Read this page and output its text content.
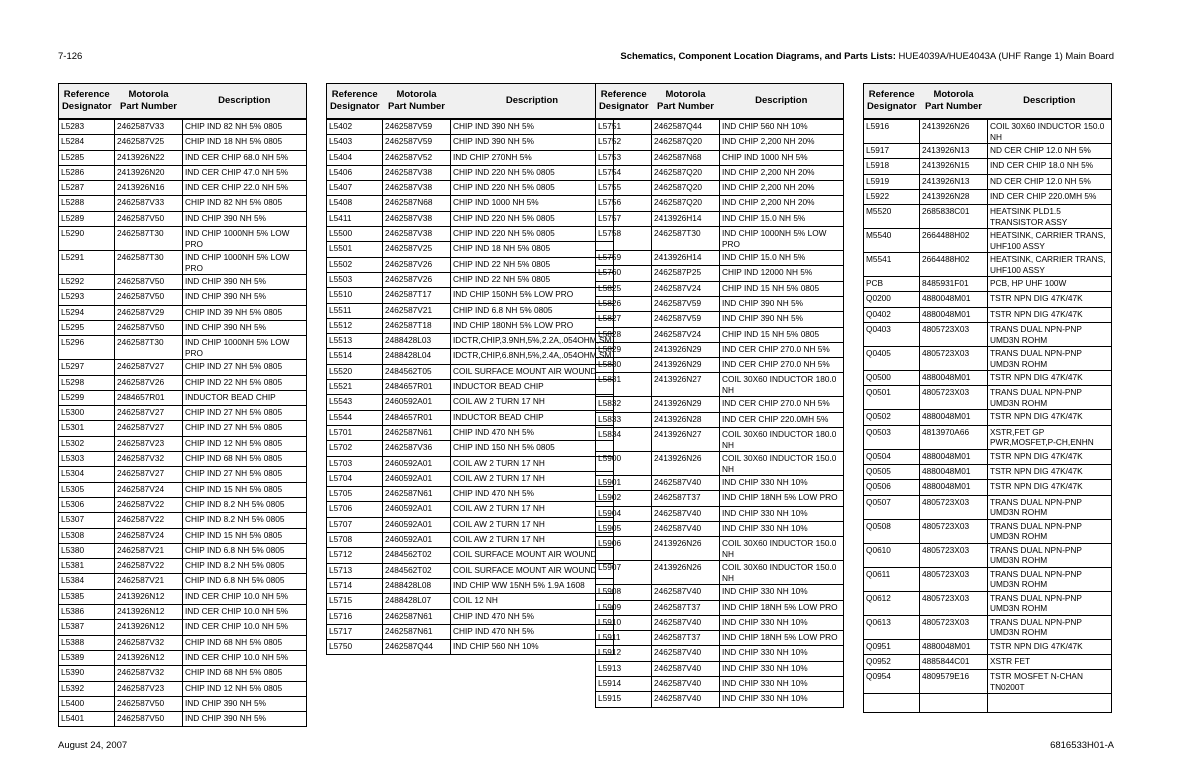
7-126	Schematics, Component Location Diagrams, and Parts Lists: HUE4039A/HUE4043A (UHF Range 1) Main Board
Reference
Designator	Motorola
Part Number	Description
L5283	2462587V33	CHIP IND 82 NH 5% 0805
L5284	2462587V25	CHIP IND 18 NH 5% 0805
L5285	2413926N22	IND CER CHIP 68.0 NH 5%
L5286	2413926N20	IND CER CHIP 47.0 NH 5%
L5287	2413926N16	IND CER CHIP 22.0 NH 5%
L5288	2462587V33	CHIP IND 82 NH 5% 0805
L5289	2462587V50	IND CHIP 390 NH 5%
L5290	2462587T30	IND CHIP 1000NH 5% LOW PRO
L5291	2462587T30	IND CHIP 1000NH 5% LOW PRO
L5292	2462587V50	IND CHIP 390 NH 5%
L5293	2462587V50	IND CHIP 390 NH 5%
L5294	2462587V29	CHIP IND 39 NH 5% 0805
L5295	2462587V50	IND CHIP 390 NH 5%
L5296	2462587T30	IND CHIP 1000NH 5% LOW PRO
L5297	2462587V27	CHIP IND 27 NH 5% 0805
L5298	2462587V26	CHIP IND 22 NH 5% 0805
L5299	2484657R01	INDUCTOR BEAD CHIP
L5300	2462587V27	CHIP IND 27 NH 5% 0805
L5301	2462587V27	CHIP IND 27 NH 5% 0805
L5302	2462587V23	CHIP IND 12 NH 5% 0805
L5303	2462587V32	CHIP IND 68 NH 5% 0805
L5304	2462587V27	CHIP IND 27 NH 5% 0805
L5305	2462587V24	CHIP IND 15 NH 5% 0805
L5306	2462587V22	CHIP IND 8.2 NH 5% 0805
L5307	2462587V22	CHIP IND 8.2 NH 5% 0805
L5308	2462587V24	CHIP IND 15 NH 5% 0805
L5380	2462587V21	CHIP IND 6.8 NH 5% 0805
L5381	2462587V22	CHIP IND 8.2 NH 5% 0805
L5384	2462587V21	CHIP IND 6.8 NH 5% 0805
L5385	2413926N12	IND CER CHIP 10.0 NH 5%
L5386	2413926N12	IND CER CHIP 10.0 NH 5%
L5387	2413926N12	IND CER CHIP 10.0 NH 5%
L5388	2462587V32	CHIP IND 68 NH 5% 0805
L5389	2413926N12	IND CER CHIP 10.0 NH 5%
L5390	2462587V32	CHIP IND 68 NH 5% 0805
L5392	2462587V23	CHIP IND 12 NH 5% 0805
L5400	2462587V50	IND CHIP 390 NH 5%
L5401	2462587V50	IND CHIP 390 NH 5%
Reference
Designator	Motorola
Part Number	Description
L5402	2462587V59	CHIP IND 390 NH 5%
L5403	2462587V59	CHIP IND 390 NH 5%
L5404	2462587V52	IND CHIP 270NH 5%
L5406	2462587V38	CHIP IND 220 NH 5% 0805
L5407	2462587V38	CHIP IND 220 NH 5% 0805
L5408	2462587N68	CHIP IND 1000 NH 5%
L5411	2462587V38	CHIP IND 220 NH 5% 0805
L5500	2462587V38	CHIP IND 220 NH 5% 0805
L5501	2462587V25	CHIP IND 18 NH 5% 0805
L5502	2462587V26	CHIP IND 22 NH 5% 0805
L5503	2462587V26	CHIP IND 22 NH 5% 0805
L5510	2462587T17	IND CHIP 150NH 5% LOW PRO
L5511	2462587V21	CHIP IND 6.8 NH 5% 0805
L5512	2462587T18	IND CHIP 180NH 5% LOW PRO
L5513	2488428L03	IDCTR,CHIP,3.9NH,5%,2.2A,.054OHM,SM
L5514	2488428L04	IDCTR,CHIP,6.8NH,5%,2.4A,.054OHM,SM
L5520	2484562T05	COIL SURFACE MOUNT AIR WOUND
L5521	2484657R01	INDUCTOR BEAD CHIP
L5543	2460592A01	COIL AW 2 TURN 17 NH
L5544	2484657R01	INDUCTOR BEAD CHIP
L5701	2462587N61	CHIP IND 470 NH 5%
L5702	2462587V36	CHIP IND 150 NH 5% 0805
L5703	2460592A01	COIL AW 2 TURN 17 NH
L5704	2460592A01	COIL AW 2 TURN 17 NH
L5705	2462587N61	CHIP IND 470 NH 5%
L5706	2460592A01	COIL AW 2 TURN 17 NH
L5707	2460592A01	COIL AW 2 TURN 17 NH
L5708	2460592A01	COIL AW 2 TURN 17 NH
L5712	2484562T02	COIL SURFACE MOUNT AIR WOUND
L5713	2484562T02	COIL SURFACE MOUNT AIR WOUND
L5714	2488428L08	IND CHIP WW 15NH 5% 1.9A 1608
L5715	2488428L07	COIL 12 NH
L5716	2462587N61	CHIP IND 470 NH 5%
L5717	2462587N61	CHIP IND 470 NH 5%
L5750	2462587Q44	IND CHIP 560 NH 10%
Reference
Designator	Motorola
Part Number	Description
L5751	2462587Q44	IND CHIP 560 NH 10%
L5752	2462587Q20	IND CHIP 2,200 NH 20%
L5753	2462587N68	CHIP IND 1000 NH 5%
L5754	2462587Q20	IND CHIP 2,200 NH 20%
L5755	2462587Q20	IND CHIP 2,200 NH 20%
L5756	2462587Q20	IND CHIP 2,200 NH 20%
L5757	2413926H14	IND CHIP 15.0 NH 5%
L5758	2462587T30	IND CHIP 1000NH 5% LOW PRO
L5759	2413926H14	IND CHIP 15.0 NH 5%
L5760	2462587P25	CHIP IND 12000 NH 5%
L5825	2462587V24	CHIP IND 15 NH 5% 0805
L5826	2462587V59	IND CHIP 390 NH 5%
L5827	2462587V59	IND CHIP 390 NH 5%
L5828	2462587V24	CHIP IND 15 NH 5% 0805
L5829	2413926N29	IND CER CHIP 270.0 NH 5%
L5830	2413926N29	IND CER CHIP 270.0 NH 5%
L5831	2413926N27	COIL 30X60 INDUCTOR 180.0 NH
L5832	2413926N29	IND CER CHIP 270.0 NH 5%
L5833	2413926N28	IND CER CHIP 220.0MH 5%
L5834	2413926N27	COIL 30X60 INDUCTOR 180.0 NH
L5900	2413926N26	COIL 30X60 INDUCTOR 150.0 NH
L5901	2462587V40	IND CHIP 330 NH 10%
L5902	2462587T37	IND CHIP 18NH 5% LOW PRO
L5904	2462587V40	IND CHIP 330 NH 10%
L5905	2462587V40	IND CHIP 330 NH 10%
L5906	2413926N26	COIL 30X60 INDUCTOR 150.0 NH
L5907	2413926N26	COIL 30X60 INDUCTOR 150.0 NH
L5908	2462587V40	IND CHIP 330 NH 10%
L5909	2462587T37	IND CHIP 18NH 5% LOW PRO
L5910	2462587V40	IND CHIP 330 NH 10%
L5911	2462587T37	IND CHIP 18NH 5% LOW PRO
L5912	2462587V40	IND CHIP 330 NH 10%
L5913	2462587V40	IND CHIP 330 NH 10%
L5914	2462587V40	IND CHIP 330 NH 10%
L5915	2462587V40	IND CHIP 330 NH 10%
Reference
Designator	Motorola
Part Number	Description
L5916	2413926N26	COIL 30X60 INDUCTOR 150.0 NH
L5917	2413926N13	ND CER CHIP 12.0 NH 5%
L5918	2413926N15	IND CER CHIP 18.0 NH 5%
L5919	2413926N13	ND CER CHIP 12.0 NH 5%
L5922	2413926N28	IND CER CHIP 220.0MH 5%
M5520	2685838C01	HEATSINK PLD1.5 TRANSISTOR ASSY
M5540	2664488H02	HEATSINK, CARRIER TRANS, UHF100 ASSY
M5541	2664488H02	HEATSINK, CARRIER TRANS, UHF100 ASSY
PCB	8485931F01	PCB, HP UHF 100W
Q0200	4880048M01	TSTR NPN DIG 47K/47K
Q0402	4880048M01	TSTR NPN DIG 47K/47K
Q0403	4805723X03	TRANS DUAL NPN-PNP UMD3N ROHM
Q0405	4805723X03	TRANS DUAL NPN-PNP UMD3N ROHM
Q0500	4880048M01	TSTR NPN DIG 47K/47K
Q0501	4805723X03	TRANS DUAL NPN-PNP UMD3N ROHM
Q0502	4880048M01	TSTR NPN DIG 47K/47K
Q0503	4813970A66	XSTR,FET GP PWR,MOSFET,P-CH,ENHN
Q0504	4880048M01	TSTR NPN DIG 47K/47K
Q0505	4880048M01	TSTR NPN DIG 47K/47K
Q0506	4880048M01	TSTR NPN DIG 47K/47K
Q0507	4805723X03	TRANS DUAL NPN-PNP UMD3N ROHM
Q0508	4805723X03	TRANS DUAL NPN-PNP UMD3N ROHM
Q0610	4805723X03	TRANS DUAL NPN-PNP UMD3N ROHM
Q0611	4805723X03	TRANS DUAL NPN-PNP UMD3N ROHM
Q0612	4805723X03	TRANS DUAL NPN-PNP UMD3N ROHM
Q0613	4805723X03	TRANS DUAL NPN-PNP UMD3N ROHM
Q0951	4880048M01	TSTR NPN DIG 47K/47K
Q0952	4885844C01	XSTR FET
Q0954	4809579E16	TSTR MOSFET N-CHAN TN0200T

August 24, 2007	6816533H01-A
